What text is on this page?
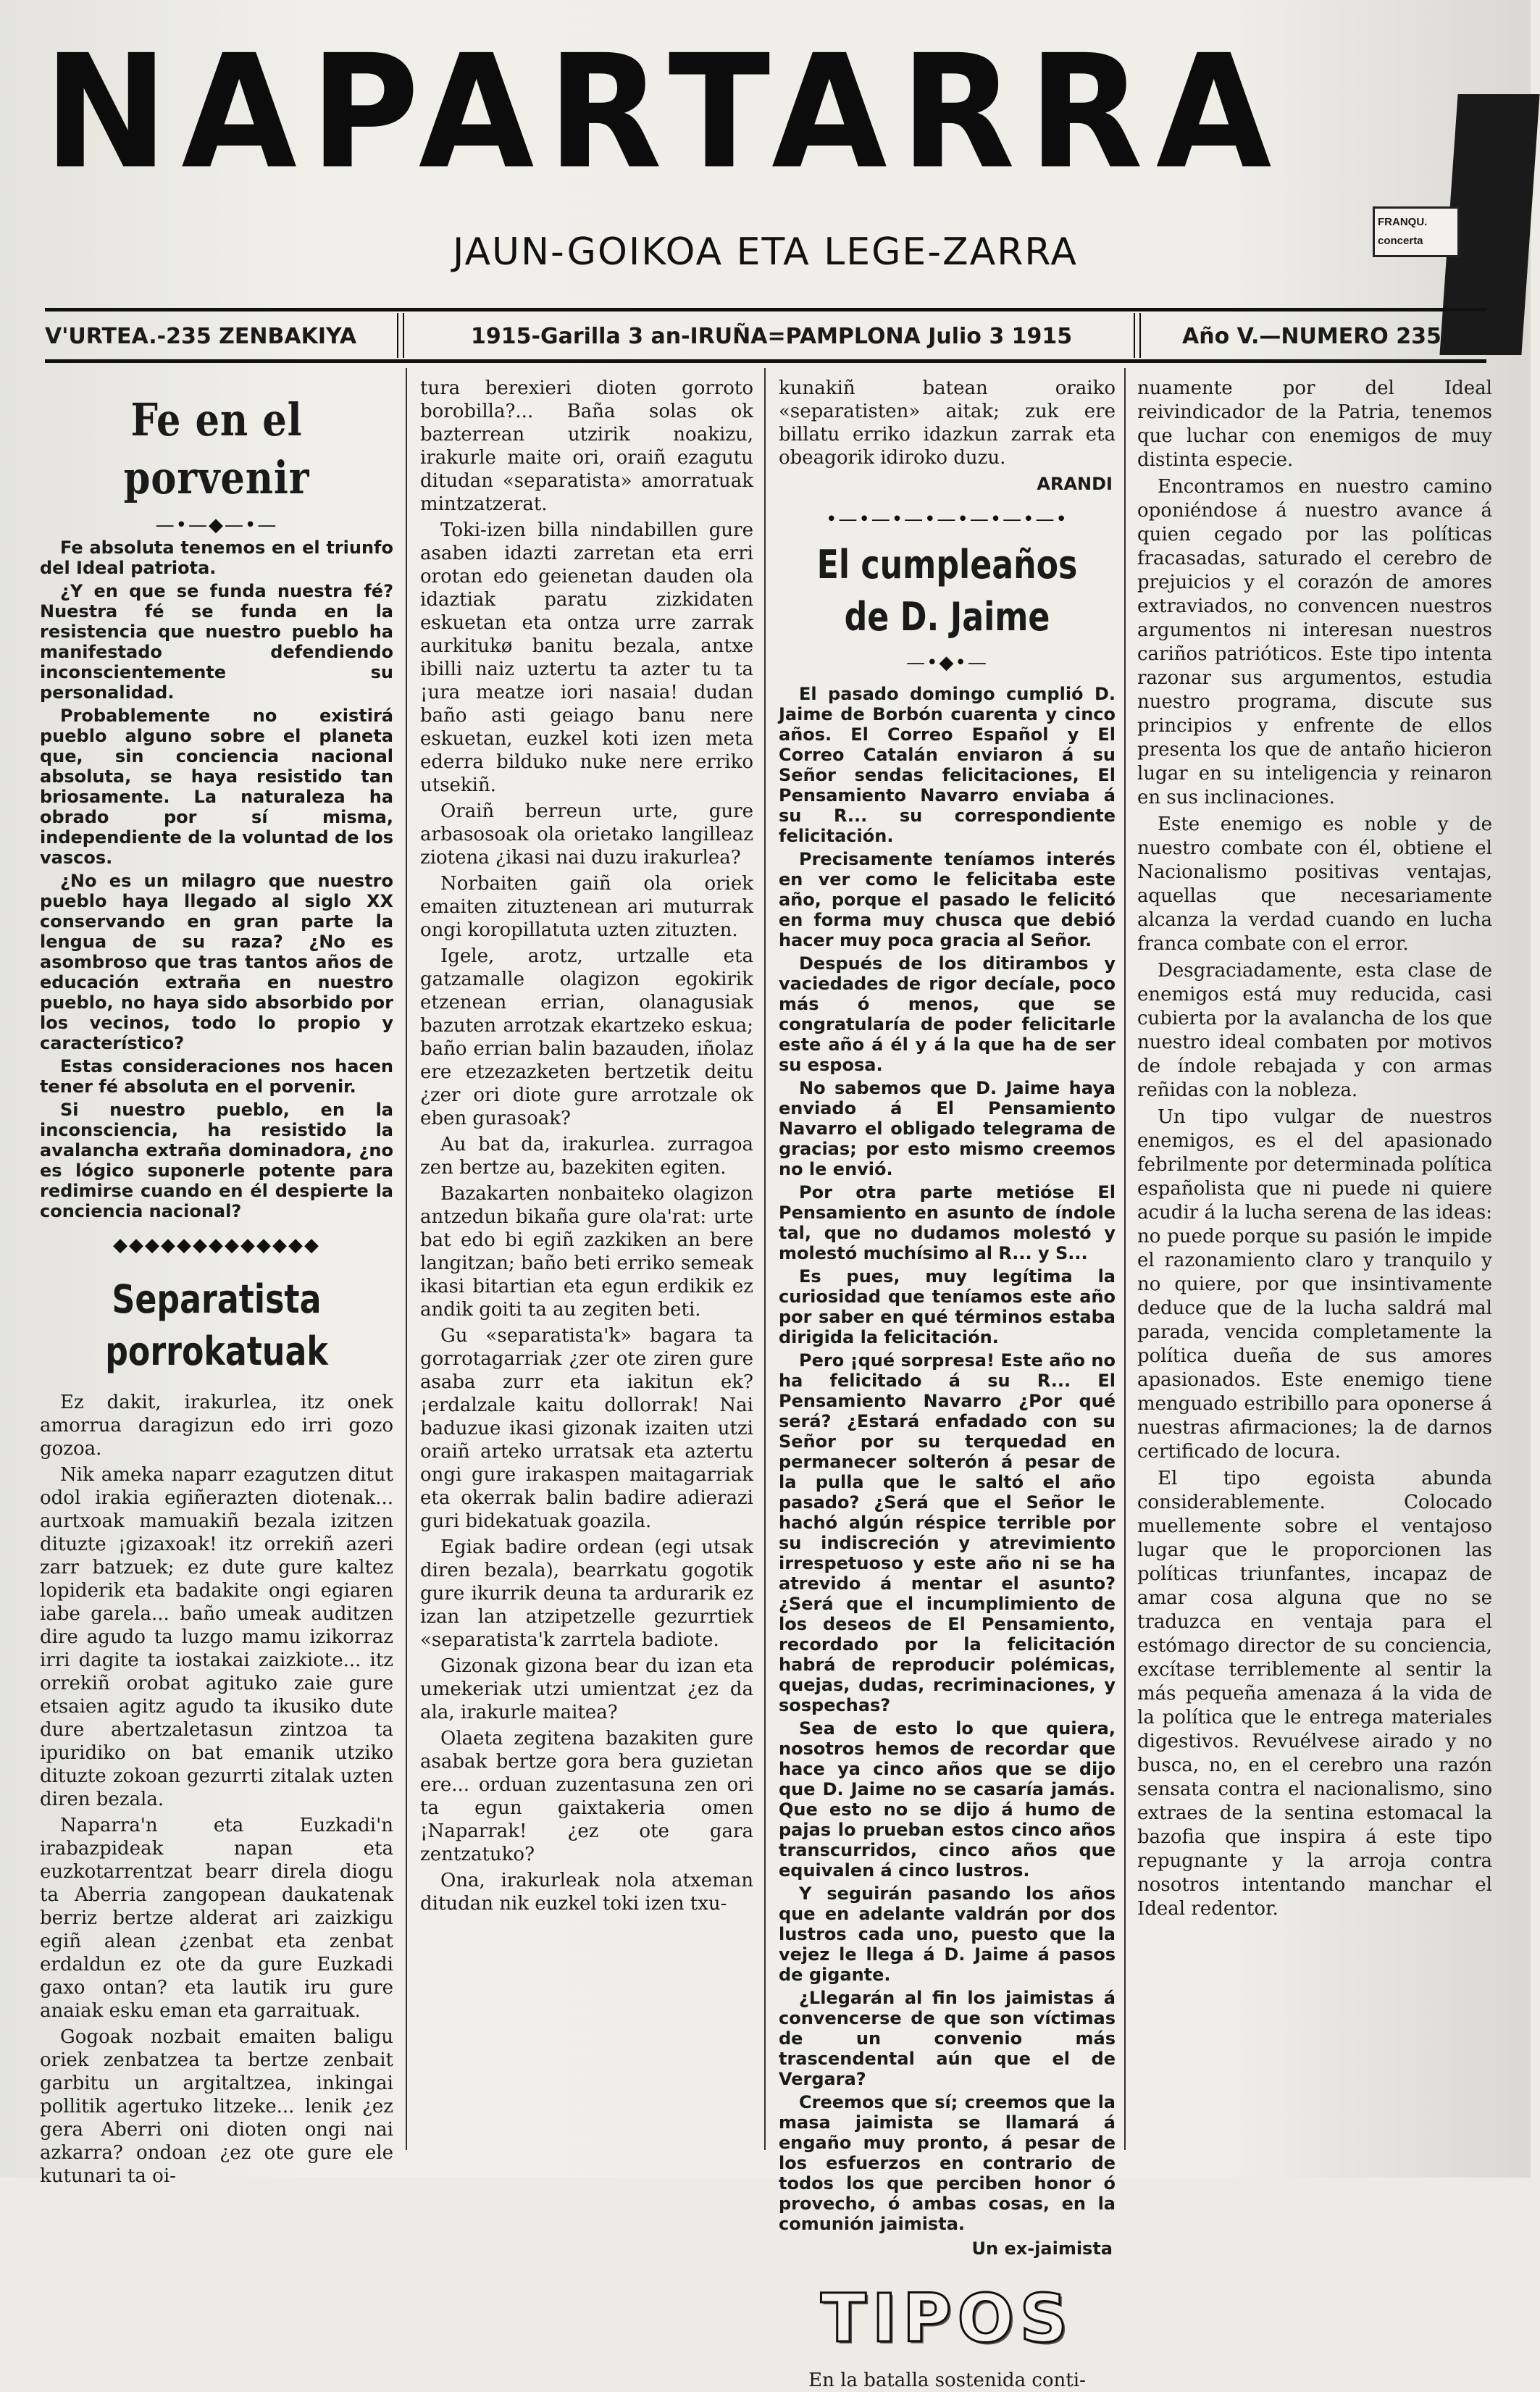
NAPARTARRA
FRANQU. concerta
JAUN-GOIKOA ETA LEGE-ZARRA
V'URTEA.-235 ZENBAKIYA	1915-Garilla 3 an-IRUÑA=PAMPLONA Julio 3 1915	Año V.—NUMERO 235
Fe en el porvenir
—•—◆—•—

Fe absoluta tenemos en el triunfo del Ideal patriota.

¿Y en que se funda nuestra fé? Nuestra fé se funda en la resistencia que nuestro pueblo ha manifestado defendiendo inconscientemente su personalidad.

Probablemente no existirá pueblo alguno sobre el planeta que, sin conciencia nacional absoluta, se haya resistido tan briosamente. La naturaleza ha obrado por sí misma, independiente de la voluntad de los vascos.

¿No es un milagro que nuestro pueblo haya llegado al siglo XX conservando en gran parte la lengua de su raza? ¿No es asombroso que tras tantos años de educación extraña en nuestro pueblo, no haya sido absorbido por los vecinos, todo lo propio y característico?

Estas consideraciones nos hacen tener fé absoluta en el porvenir.

Si nuestro pueblo, en la inconsciencia, ha resistido la avalancha extraña dominadora, ¿no es lógico suponerle potente para redimirse cuando en él despierte la conciencia nacional?

◆◆◆◆◆◆◆◆◆◆◆◆◆
Separatista porrokatuak

Ez dakit, irakurlea, itz onek amorrua daragizun edo irri gozo gozoa.

Nik ameka naparr ezagutzen ditut odol irakia egiñerazten diotenak... aurtxoak mamuakiñ bezala izitzen dituzte ¡gizaxoak! itz orrekiñ azeri zarr batzuek; ez dute gure kaltez lopiderik eta badakite ongi egiaren iabe garela... baño umeak auditzen dire agudo ta luzgo mamu izikorraz irri dagite ta iostakai zaizkiote... itz orrekiñ orobat agituko zaie gure etsaien agitz agudo ta ikusiko dute dure abertzaletasun zintzoa ta ipuridiko on bat emanik utziko dituzte zokoan gezurrti zitalak uzten diren bezala.

Naparra'n eta Euzkadi'n irabazpideak napan eta euzkotarrentzat bearr direla diogu ta Aberria zangopean daukatenak berriz bertze alderat ari zaizkigu egiñ alean ¿zenbat eta zenbat erdaldun ez ote da gure Euzkadi gaxo ontan? eta lautik iru gure anaiak esku eman eta garraituak.

Gogoak nozbait emaiten baligu oriek zenbatzea ta bertze zenbait garbitu un argitaltzea, inkingai pollitik agertuko litzeke... lenik ¿ez gera Aberri oni dioten ongi nai azkarra? ondoan ¿ez ote gure ele kutunari ta oi-

tura berexieri dioten gorroto borobilla?... Baña solas ok bazterrean utzirik noakizu, irakurle maite ori, oraiñ ezagutu ditudan «separatista» amorratuak mintzatzerat.

Toki-izen billa nindabillen gure asaben idazti zarretan eta erri orotan edo geienetan dauden ola idaztiak paratu zizkidaten eskuetan eta ontza urre zarrak aurkitukø banitu bezala, antxe ibilli naiz uztertu ta azter tu ta ¡ura meatze iori nasaia! dudan baño asti geiago banu nere eskuetan, euzkel koti izen meta ederra bilduko nuke nere erriko utsekiñ.

Oraiñ berreun urte, gure arbasosoak ola orietako langilleaz ziotena ¿ikasi nai duzu irakurlea?

Norbaiten gaiñ ola oriek emaiten zituztenean ari muturrak ongi koropillatuta uzten zituzten.

Igele, arotz, urtzalle eta gatzamalle olagizon egokirik etzenean errian, olanagusiak bazuten arrotzak ekartzeko eskua; baño errian balin bazauden, iñolaz ere etzezazketen bertzetik deitu ¿zer ori diote gure arrotzale ok eben gurasoak?

Au bat da, irakurlea. zurragoa zen bertze au, bazekiten egiten.

Bazakarten nonbaiteko olagizon antzedun bikaña gure ola'rat: urte bat edo bi egiñ zazkiken an bere langitzan; baño beti erriko semeak ikasi bitartian eta egun erdikik ez andik goiti ta au zegiten beti.

Gu «separatista'k» bagara ta gorrotagarriak ¿zer ote ziren gure asaba zurr eta iakitun ek? ¡erdalzale kaitu dollorrak! Nai baduzue ikasi gizonak izaiten utzi oraiñ arteko urratsak eta aztertu ongi gure irakaspen maitagarriak eta okerrak balin badire adierazi guri bidekatuak goazila.

Egiak badire ordean (egi utsak diren bezala), bearrkatu gogotik gure ikurrik deuna ta ardurarik ez izan lan atzipetzelle gezurrtiek «separatista'k zarrtela badiote.

Gizonak gizona bear du izan eta umekeriak utzi umientzat ¿ez da ala, irakurle maitea?

Olaeta zegitena bazakiten gure asabak bertze gora bera guzietan ere... orduan zuzentasuna zen ori ta egun gaixtakeria omen ¡Naparrak! ¿ez ote gara zentzatuko?

Ona, irakurleak nola atxeman ditudan nik euzkel toki izen txu-

kunakiñ batean oraiko «separatisten» aitak; zuk ere billatu erriko idazkun zarrak eta obeagorik idiroko duzu.

ARANDI
•—•—•—•—•—•—•—•
El cumpleaños de D. Jaime
—•◆•—

El pasado domingo cumplió D. Jaime de Borbón cuarenta y cinco años. El Correo Español y El Correo Catalán enviaron á su Señor sendas felicitaciones, El Pensamiento Navarro enviaba á su R... su correspondiente felicitación.

Precisamente teníamos interés en ver como le felicitaba este año, porque el pasado le felicitó en forma muy chusca que debió hacer muy poca gracia al Señor.

Después de los ditirambos y vaciedades de rigor decíale, poco más ó menos, que se congratularía de poder felicitarle este año á él y á la que ha de ser su esposa.

No sabemos que D. Jaime haya enviado á El Pensamiento Navarro el obligado telegrama de gracias; por esto mismo creemos no le envió.

Por otra parte metióse El Pensamiento en asunto de índole tal, que no dudamos molestó y molestó muchísimo al R... y S...

Es pues, muy legítima la curiosidad que teníamos este año por saber en qué términos estaba dirigida la felicitación.

Pero ¡qué sorpresa! Este año no ha felicitado á su R... El Pensamiento Navarro ¿Por qué será? ¿Estará enfadado con su Señor por su terquedad en permanecer solterón á pesar de la pulla que le saltó el año pasado? ¿Será que el Señor le hachó algún réspice terrible por su indiscreción y atrevimiento irrespetuoso y este año ni se ha atrevido á mentar el asunto? ¿Será que el incumplimiento de los deseos de El Pensamiento, recordado por la felicitación habrá de reproducir polémicas, quejas, dudas, recriminaciones, y sospechas?

Sea de esto lo que quiera, nosotros hemos de recordar que hace ya cinco años que se dijo que D. Jaime no se casaría jamás. Que esto no se dijo á humo de pajas lo prueban estos cinco años transcurridos, cinco años que equivalen á cinco lustros.

Y seguirán pasando los años que en adelante valdrán por dos lustros cada uno, puesto que la vejez le llega á D. Jaime á pasos de gigante.

¿Llegarán al fin los jaimistas á convencerse de que son víctimas de un convenio más trascendental aún que el de Vergara?

Creemos que sí; creemos que la masa jaimista se llamará á engaño muy pronto, á pesar de los esfuerzos en contrario de todos los que perciben honor ó provecho, ó ambas cosas, en la comunión jaimista.

Un ex-jaimista
TIPOS

En la batalla sostenida conti-

nuamente por del Ideal reivindicador de la Patria, tenemos que luchar con enemigos de muy distinta especie.

Encontramos en nuestro camino oponiéndose á nuestro avance á quien cegado por las políticas fracasadas, saturado el cerebro de prejuicios y el corazón de amores extraviados, no convencen nuestros argumentos ni interesan nuestros cariños patrióticos. Este tipo intenta razonar sus argumentos, estudia nuestro programa, discute sus principios y enfrente de ellos presenta los que de antaño hicieron lugar en su inteligencia y reinaron en sus inclinaciones.

Este enemigo es noble y de nuestro combate con él, obtiene el Nacionalismo positivas ventajas, aquellas que necesariamente alcanza la verdad cuando en lucha franca combate con el error.

Desgraciadamente, esta clase de enemigos está muy reducida, casi cubierta por la avalancha de los que nuestro ideal combaten por motivos de índole rebajada y con armas reñidas con la nobleza.

Un tipo vulgar de nuestros enemigos, es el del apasionado febrilmente por determinada política españolista que ni puede ni quiere acudir á la lucha serena de las ideas: no puede porque su pasión le impide el razonamiento claro y tranquilo y no quiere, por que insintivamente deduce que de la lucha saldrá mal parada, vencida completamente la política dueña de sus amores apasionados. Este enemigo tiene menguado estribillo para oponerse á nuestras afirmaciones; la de darnos certificado de locura.

El tipo egoista abunda considerablemente. Colocado muellemente sobre el ventajoso lugar que le proporcionen las políticas triunfantes, incapaz de amar cosa alguna que no se traduzca en ventaja para el estómago director de su conciencia, excítase terriblemente al sentir la más pequeña amenaza á la vida de la política que le entrega materiales digestivos. Revuélvese airado y no busca, no, en el cerebro una razón sensata contra el nacionalismo, sino extraes de la sentina estomacal la bazofia que inspira á este tipo repugnante y la arroja contra nosotros intentando manchar el Ideal redentor.
